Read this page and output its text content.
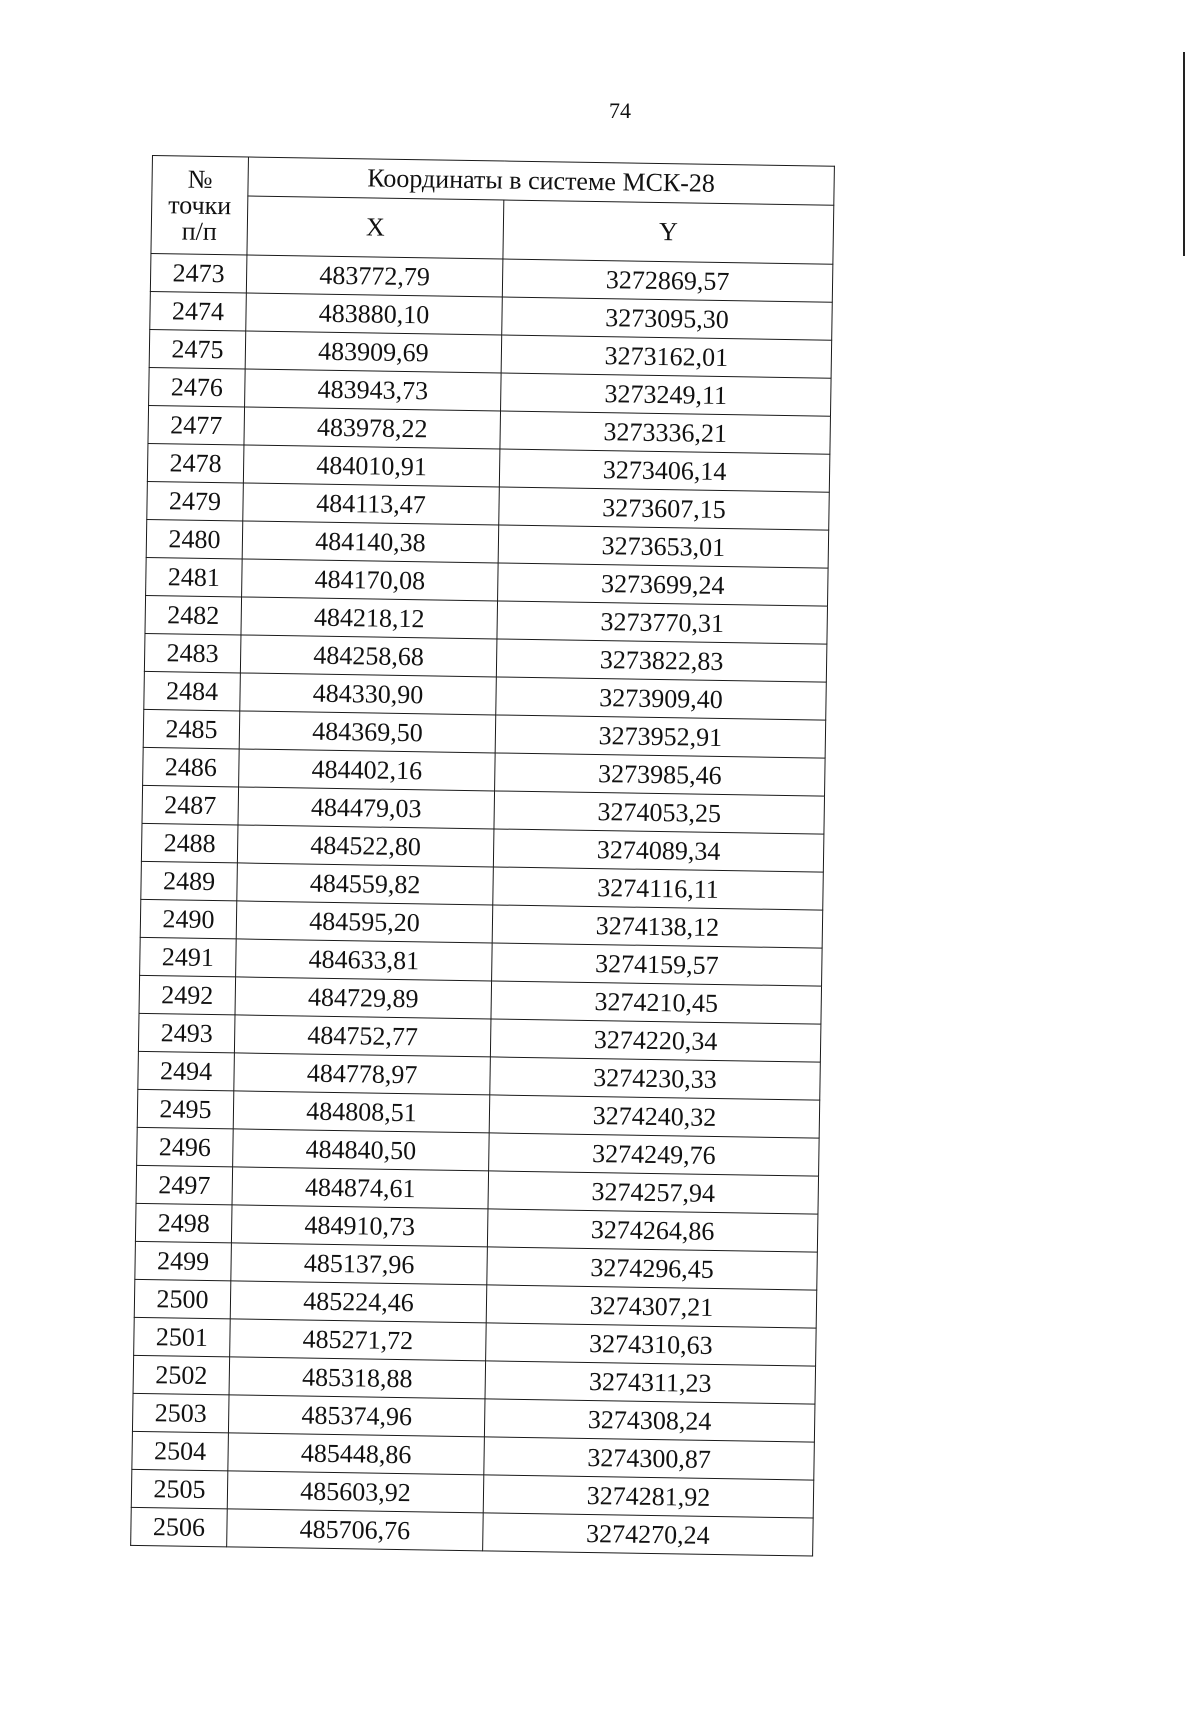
74
№
точки
п/п	Координаты в системе МСК-28	
	X	Y
2473	483772,79	3272869,57
2474	483880,10	3273095,30
2475	483909,69	3273162,01
2476	483943,73	3273249,11
2477	483978,22	3273336,21
2478	484010,91	3273406,14
2479	484113,47	3273607,15
2480	484140,38	3273653,01
2481	484170,08	3273699,24
2482	484218,12	3273770,31
2483	484258,68	3273822,83
2484	484330,90	3273909,40
2485	484369,50	3273952,91
2486	484402,16	3273985,46
2487	484479,03	3274053,25
2488	484522,80	3274089,34
2489	484559,82	3274116,11
2490	484595,20	3274138,12
2491	484633,81	3274159,57
2492	484729,89	3274210,45
2493	484752,77	3274220,34
2494	484778,97	3274230,33
2495	484808,51	3274240,32
2496	484840,50	3274249,76
2497	484874,61	3274257,94
2498	484910,73	3274264,86
2499	485137,96	3274296,45
2500	485224,46	3274307,21
2501	485271,72	3274310,63
2502	485318,88	3274311,23
2503	485374,96	3274308,24
2504	485448,86	3274300,87
2505	485603,92	3274281,92
2506	485706,76	3274270,24
